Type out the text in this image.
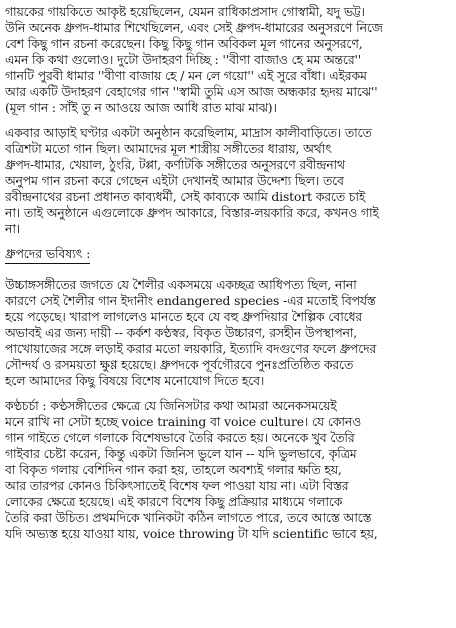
গায়কের গায়কিতে আকৃষ্ট হয়েছিলেন, যেমন রাধিকাপ্রসাদ গোস্বামী, যদু ভট্ট।
উনি অনেক ধ্রুপদ-ধামার শিখেছিলেন, এবং সেই ধ্রুপদ-ধামারের অনুসরণে নিজে
বেশ কিছু গান রচনা করেছেন। কিছু কিছু গান অবিকল মূল গানের অনুসরণে,
এমন কি কথা গুলোও। দুটো উদাহরণ দিচ্ছি : ''বীণা বাজাও হে মম অন্তরে''
গানটি পুরবী ধামার ''বীণা বাজায় হে / মন লে গয়ো'' এই সুরে বাঁধা। এইরকম
আর একটি উদাহরণ বেহাগের গান ''স্বামী তুমি এস আজ অন্ধকার হৃদয় মাঝে''
(মূল গান : সাঁই তু ন আওয়ে আজ আধি রাত মাঝ মাঝ)।
একবার আড়াই ঘণ্টার একটা অনুষ্ঠান করেছিলাম, মাদ্রাস কালীবাড়িতে। তাতে
বত্রিশটা মতো গান ছিল। আমাদের মূল শাস্ত্রীয় সঙ্গীতের ধারায়, অর্থাৎ
ধ্রুপদ-ধামার, খেয়াল, ঠুংরি, টপ্পা, কর্ণাটকি সঙ্গীতের অনুসরণে রবীন্দ্রনাথ
অনুপম গান রচনা করে গেছেন এইটা দেখানই আমার উদ্দেশ্য ছিল। তবে
রবীন্দ্রনাথের রচনা প্রধানত কাব্যধর্মী, সেই কাব্যকে আমি distort করতে চাই
না। তাই অনুষ্ঠানে এগুলোকে ধ্রুপদ আকারে, বিস্তার-লয়কারি করে, কখনও গাই
না।
ধ্রুপদের ভবিষ্যৎ :
উচ্চাঙ্গসঙ্গীতের জগতে যে শৈলীর একসময়ে একচ্ছত্র আধিপত্য ছিল, নানা
কারণে সেই শৈলীর গান ইদানীং endangered species -এর মতোই বিপর্যস্ত
হয়ে পড়েছে। খারাপ লাগলেও মানতে হবে যে বহু ধ্রুপদিয়ার শৈল্পিক বোধের
অভাবই এর জন্য দায়ী -- কর্কশ কণ্ঠস্বর, বিকৃত উচ্চারণ, রসহীন উপস্থাপনা,
পাখোয়াজের সঙ্গে লড়াই করার মতো লয়কারি, ইত্যাদি বদগুণের ফলে ধ্রুপদের
সৌন্দর্য ও রসময়তা ক্ষুণ্ণ হয়েছে। ধ্রুপদকে পূর্বগৌরবে পুনঃপ্রতিষ্ঠিত করতে
হলে আমাদের কিছু বিষয়ে বিশেষ মনোযোগ দিতে হবে।
কণ্ঠচর্চা : কণ্ঠসঙ্গীতের ক্ষেত্রে যে জিনিসটার কথা আমরা অনেকসময়েই
মনে রাখি না সেটা হচ্ছে voice training বা voice culture। যে কোনও
গান গাইতে গেলে গলাকে বিশেষভাবে তৈরি করতে হয়। অনেকে খুব তৈরি
গাইবার চেষ্টা করেন, কিন্তু একটা জিনিস ভুলে যান -- যদি ভুলভাবে, কৃত্রিম
বা বিকৃত গলায় বেশিদিন গান করা হয়, তাহলে অবশ্যই গলার ক্ষতি হয়,
আর তারপর কোনও চিকিৎসাতেই বিশেষ ফল পাওয়া যায় না। এটা বিস্তর
লোকের ক্ষেত্রে হয়েছে। এই কারণে বিশেষ কিছু প্রক্রিয়ার মাধ্যমে গলাকে
তৈরি করা উচিত। প্রথমদিকে খানিকটা কঠিন লাগতে পারে, তবে আস্তে আস্তে
যদি অভ্যস্ত হয়ে যাওয়া যায়, voice throwing টা যদি scientific ভাবে হয়,
